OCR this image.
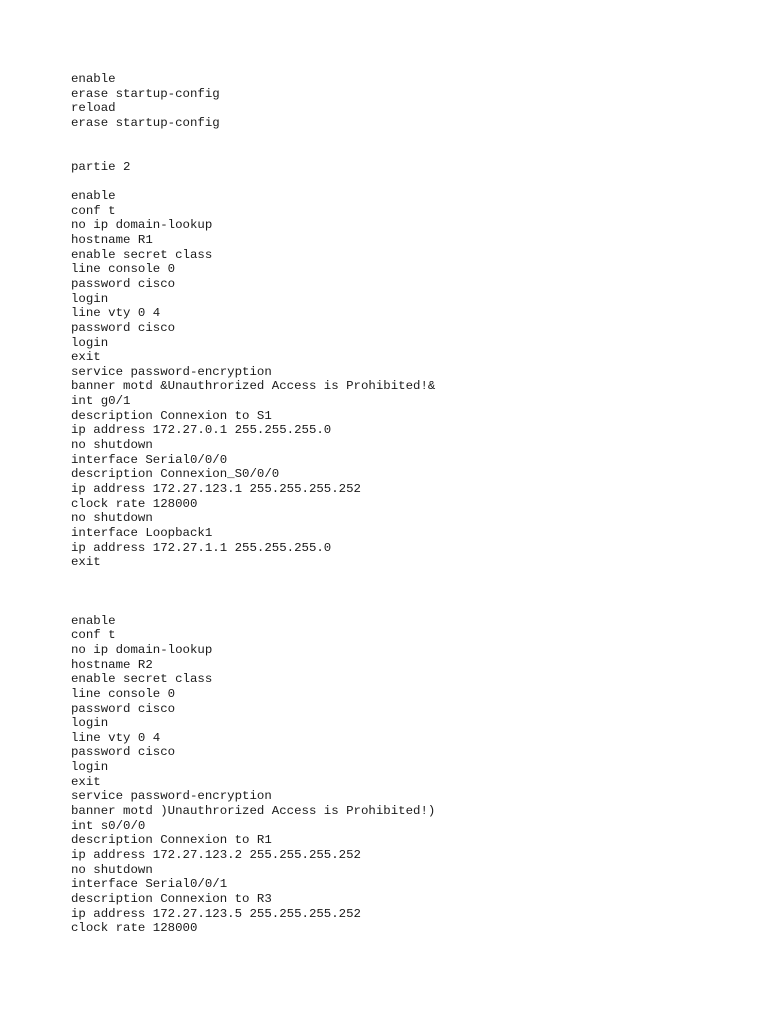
enable
erase startup-config
reload
erase startup-config
partie 2
enable
conf t
no ip domain-lookup
hostname R1
enable secret class
line console 0
password cisco
login
line vty 0 4
password cisco
login
exit
service password-encryption
banner motd &Unauthrorized Access is Prohibited!&
int g0/1
description Connexion to S1
ip address 172.27.0.1 255.255.255.0
no shutdown
interface Serial0/0/0
description Connexion_S0/0/0
ip address 172.27.123.1 255.255.255.252
clock rate 128000
no shutdown
interface Loopback1
ip address 172.27.1.1 255.255.255.0
exit
enable
conf t
no ip domain-lookup
hostname R2
enable secret class
line console 0
password cisco
login
line vty 0 4
password cisco
login
exit
service password-encryption
banner motd )Unauthrorized Access is Prohibited!)
int s0/0/0
description Connexion to R1
ip address 172.27.123.2 255.255.255.252
no shutdown
interface Serial0/0/1
description Connexion to R3
ip address 172.27.123.5 255.255.255.252
clock rate 128000
